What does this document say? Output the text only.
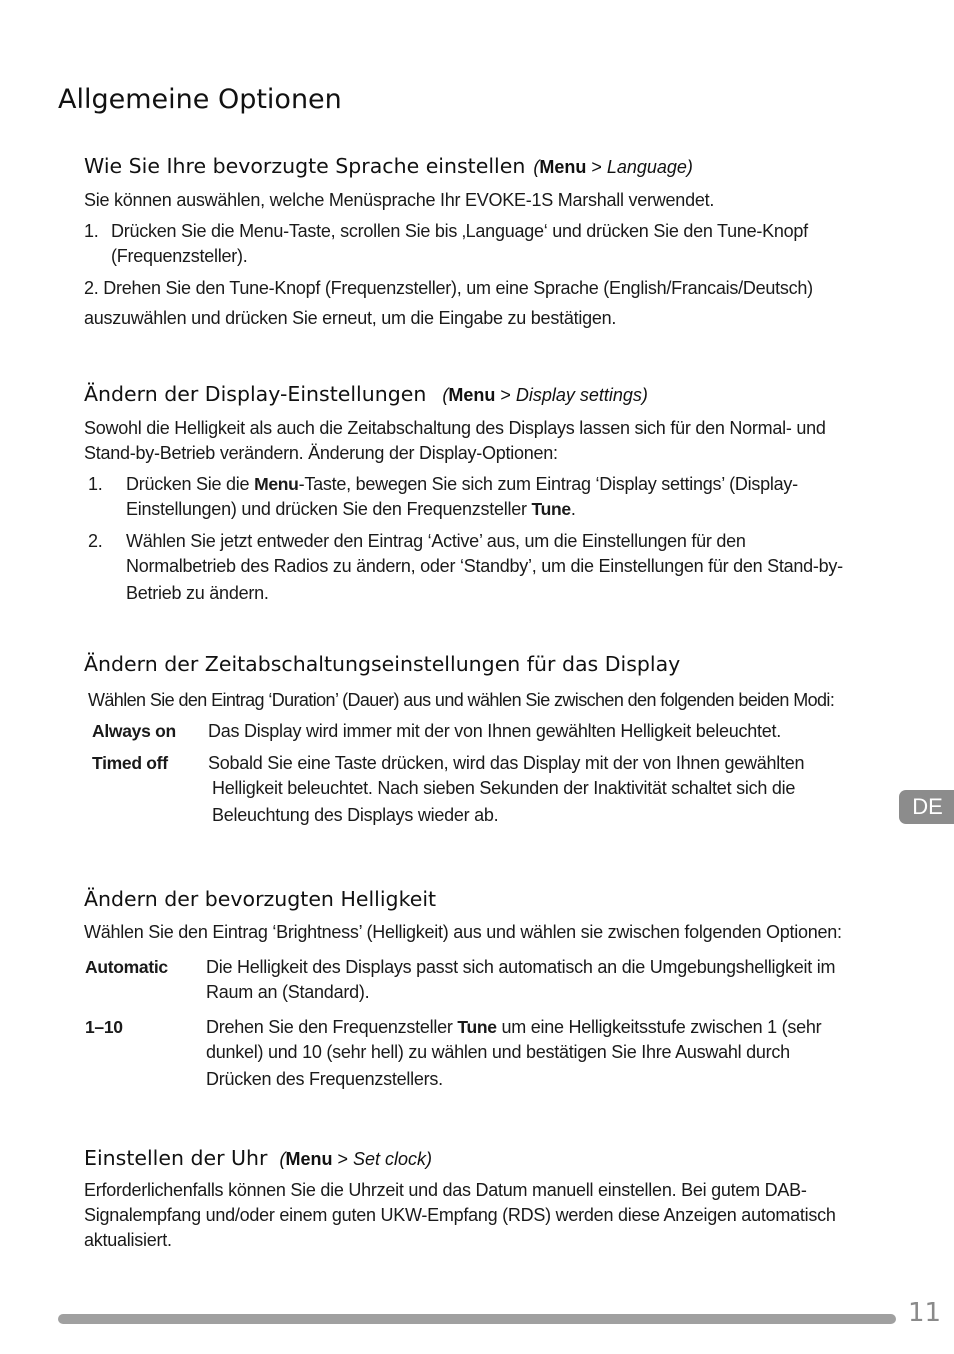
Allgemeine Optionen
Wie Sie Ihre bevorzugte Sprache einstellen (Menu > Language)
Sie können auswählen, welche Menüsprache Ihr EVOKE-1S Marshall verwendet.
1. Drücken Sie die Menu-Taste, scrollen Sie bis ‚Language‘ und drücken Sie den Tune-Knopf
(Frequenzsteller).
2. Drehen Sie den Tune-Knopf (Frequenzsteller), um eine Sprache (English/Francais/Deutsch)
auszuwählen und drücken Sie erneut, um die Eingabe zu bestätigen.
Ändern der Display-Einstellungen (Menu > Display settings)
Sowohl die Helligkeit als auch die Zeitabschaltung des Displays lassen sich für den Normal- und
Stand-by-Betrieb verändern. Änderung der Display-Optionen:
1. Drücken Sie die Menu-Taste, bewegen Sie sich zum Eintrag ‘Display settings’ (Display-
Einstellungen) und drücken Sie den Frequenzsteller Tune.
2. Wählen Sie jetzt entweder den Eintrag ‘Active’ aus, um die Einstellungen für den
Normalbetrieb des Radios zu ändern, oder ‘Standby’, um die Einstellungen für den Stand-by-
Betrieb zu ändern.
Ändern der Zeitabschaltungseinstellungen für das Display
Wählen Sie den Eintrag ‘Duration’ (Dauer) aus und wählen Sie zwischen den folgenden beiden Modi:
Always on Das Display wird immer mit der von Ihnen gewählten Helligkeit beleuchtet.
Timed off Sobald Sie eine Taste drücken, wird das Display mit der von Ihnen gewählten
Helligkeit beleuchtet. Nach sieben Sekunden der Inaktivität schaltet sich die
Beleuchtung des Displays wieder ab.
Ändern der bevorzugten Helligkeit
Wählen Sie den Eintrag ‘Brightness’ (Helligkeit) aus und wählen sie zwischen folgenden Optionen:
Automatic Die Helligkeit des Displays passt sich automatisch an die Umgebungshelligkeit im
Raum an (Standard).
1–10	Drehen Sie den Frequenzsteller Tune um eine Helligkeitsstufe zwischen 1 (sehr
dunkel) und 10 (sehr hell) zu wählen und bestätigen Sie Ihre Auswahl durch
Drücken des Frequenzstellers.
Einstellen der Uhr (Menu > Set clock)
Erforderlichenfalls können Sie die Uhrzeit und das Datum manuell einstellen. Bei gutem DAB-
Signalempfang und/oder einem guten UKW-Empfang (RDS) werden diese Anzeigen automatisch
aktualisiert.
DE
11
